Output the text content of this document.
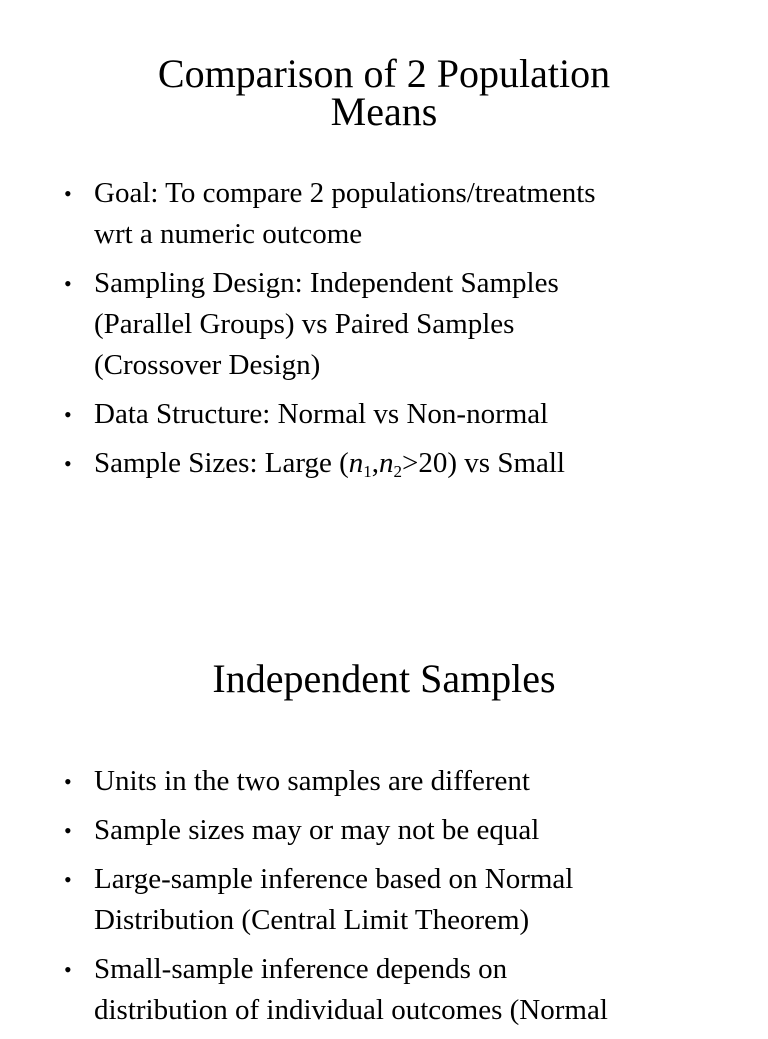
Comparison of 2 Population
Means
• Goal: To compare 2 populations/treatments
wrt a numeric outcome
• Sampling Design: Independent Samples
(Parallel Groups) vs Paired Samples
(Crossover Design)
• Data Structure: Normal vs Non-normal
• Sample Sizes: Large $(n_1,n_2>20)$ vs Small
Independent Samples
• Units in the two samples are different
• Sample sizes may or may not be equal
• Large-sample inference based on Normal
Distribution (Central Limit Theorem)
• Small-sample inference depends on
distribution of individual outcomes (Normal
